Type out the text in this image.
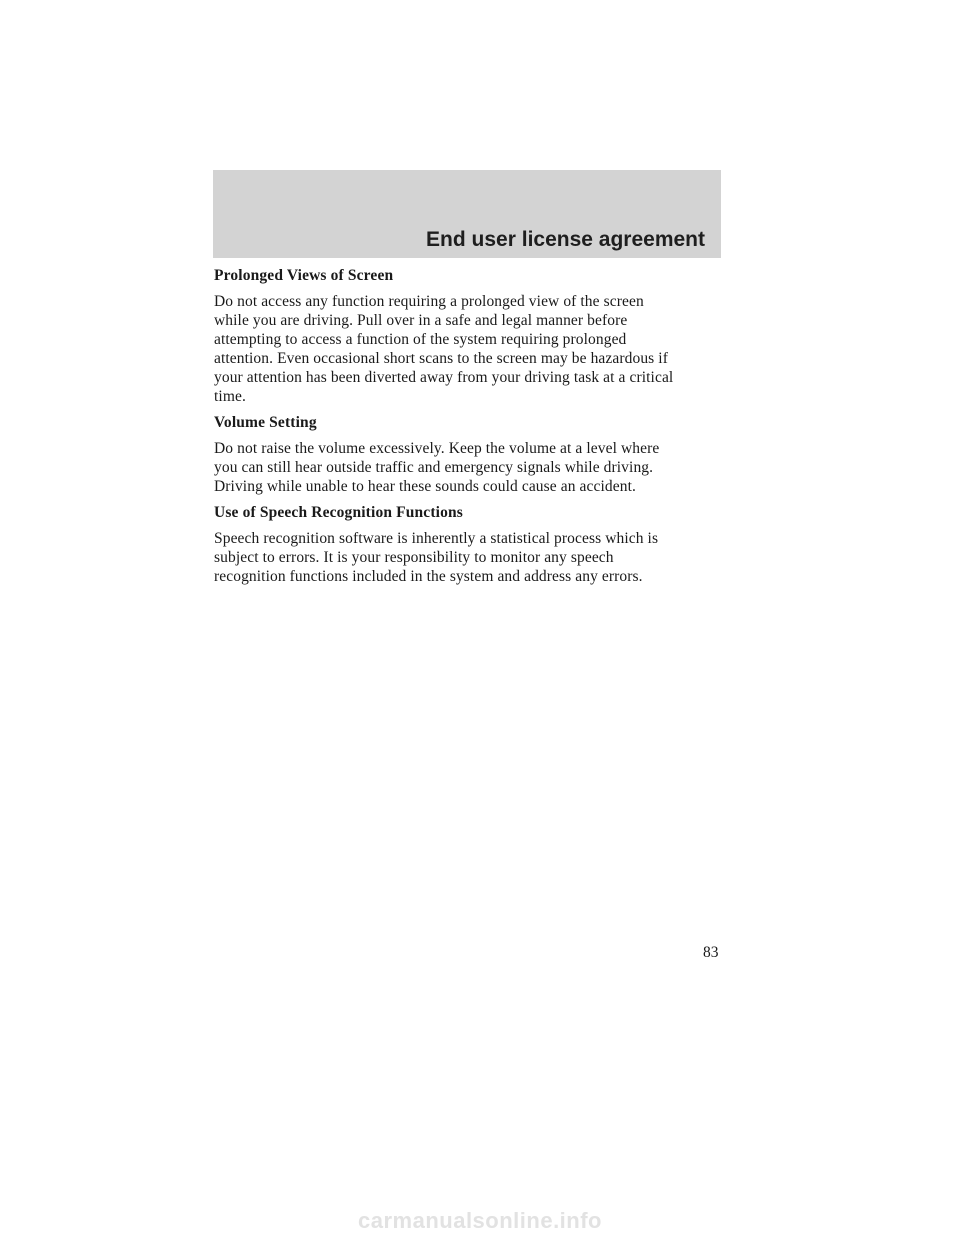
End user license agreement
Prolonged Views of Screen
Do not access any function requiring a prolonged view of the screen
while you are driving. Pull over in a safe and legal manner before
attempting to access a function of the system requiring prolonged
attention. Even occasional short scans to the screen may be hazardous if
your attention has been diverted away from your driving task at a critical
time.
Volume Setting
Do not raise the volume excessively. Keep the volume at a level where
you can still hear outside traffic and emergency signals while driving.
Driving while unable to hear these sounds could cause an accident.
Use of Speech Recognition Functions
Speech recognition software is inherently a statistical process which is
subject to errors. It is your responsibility to monitor any speech
recognition functions included in the system and address any errors.
83
carmanualsonline.info
